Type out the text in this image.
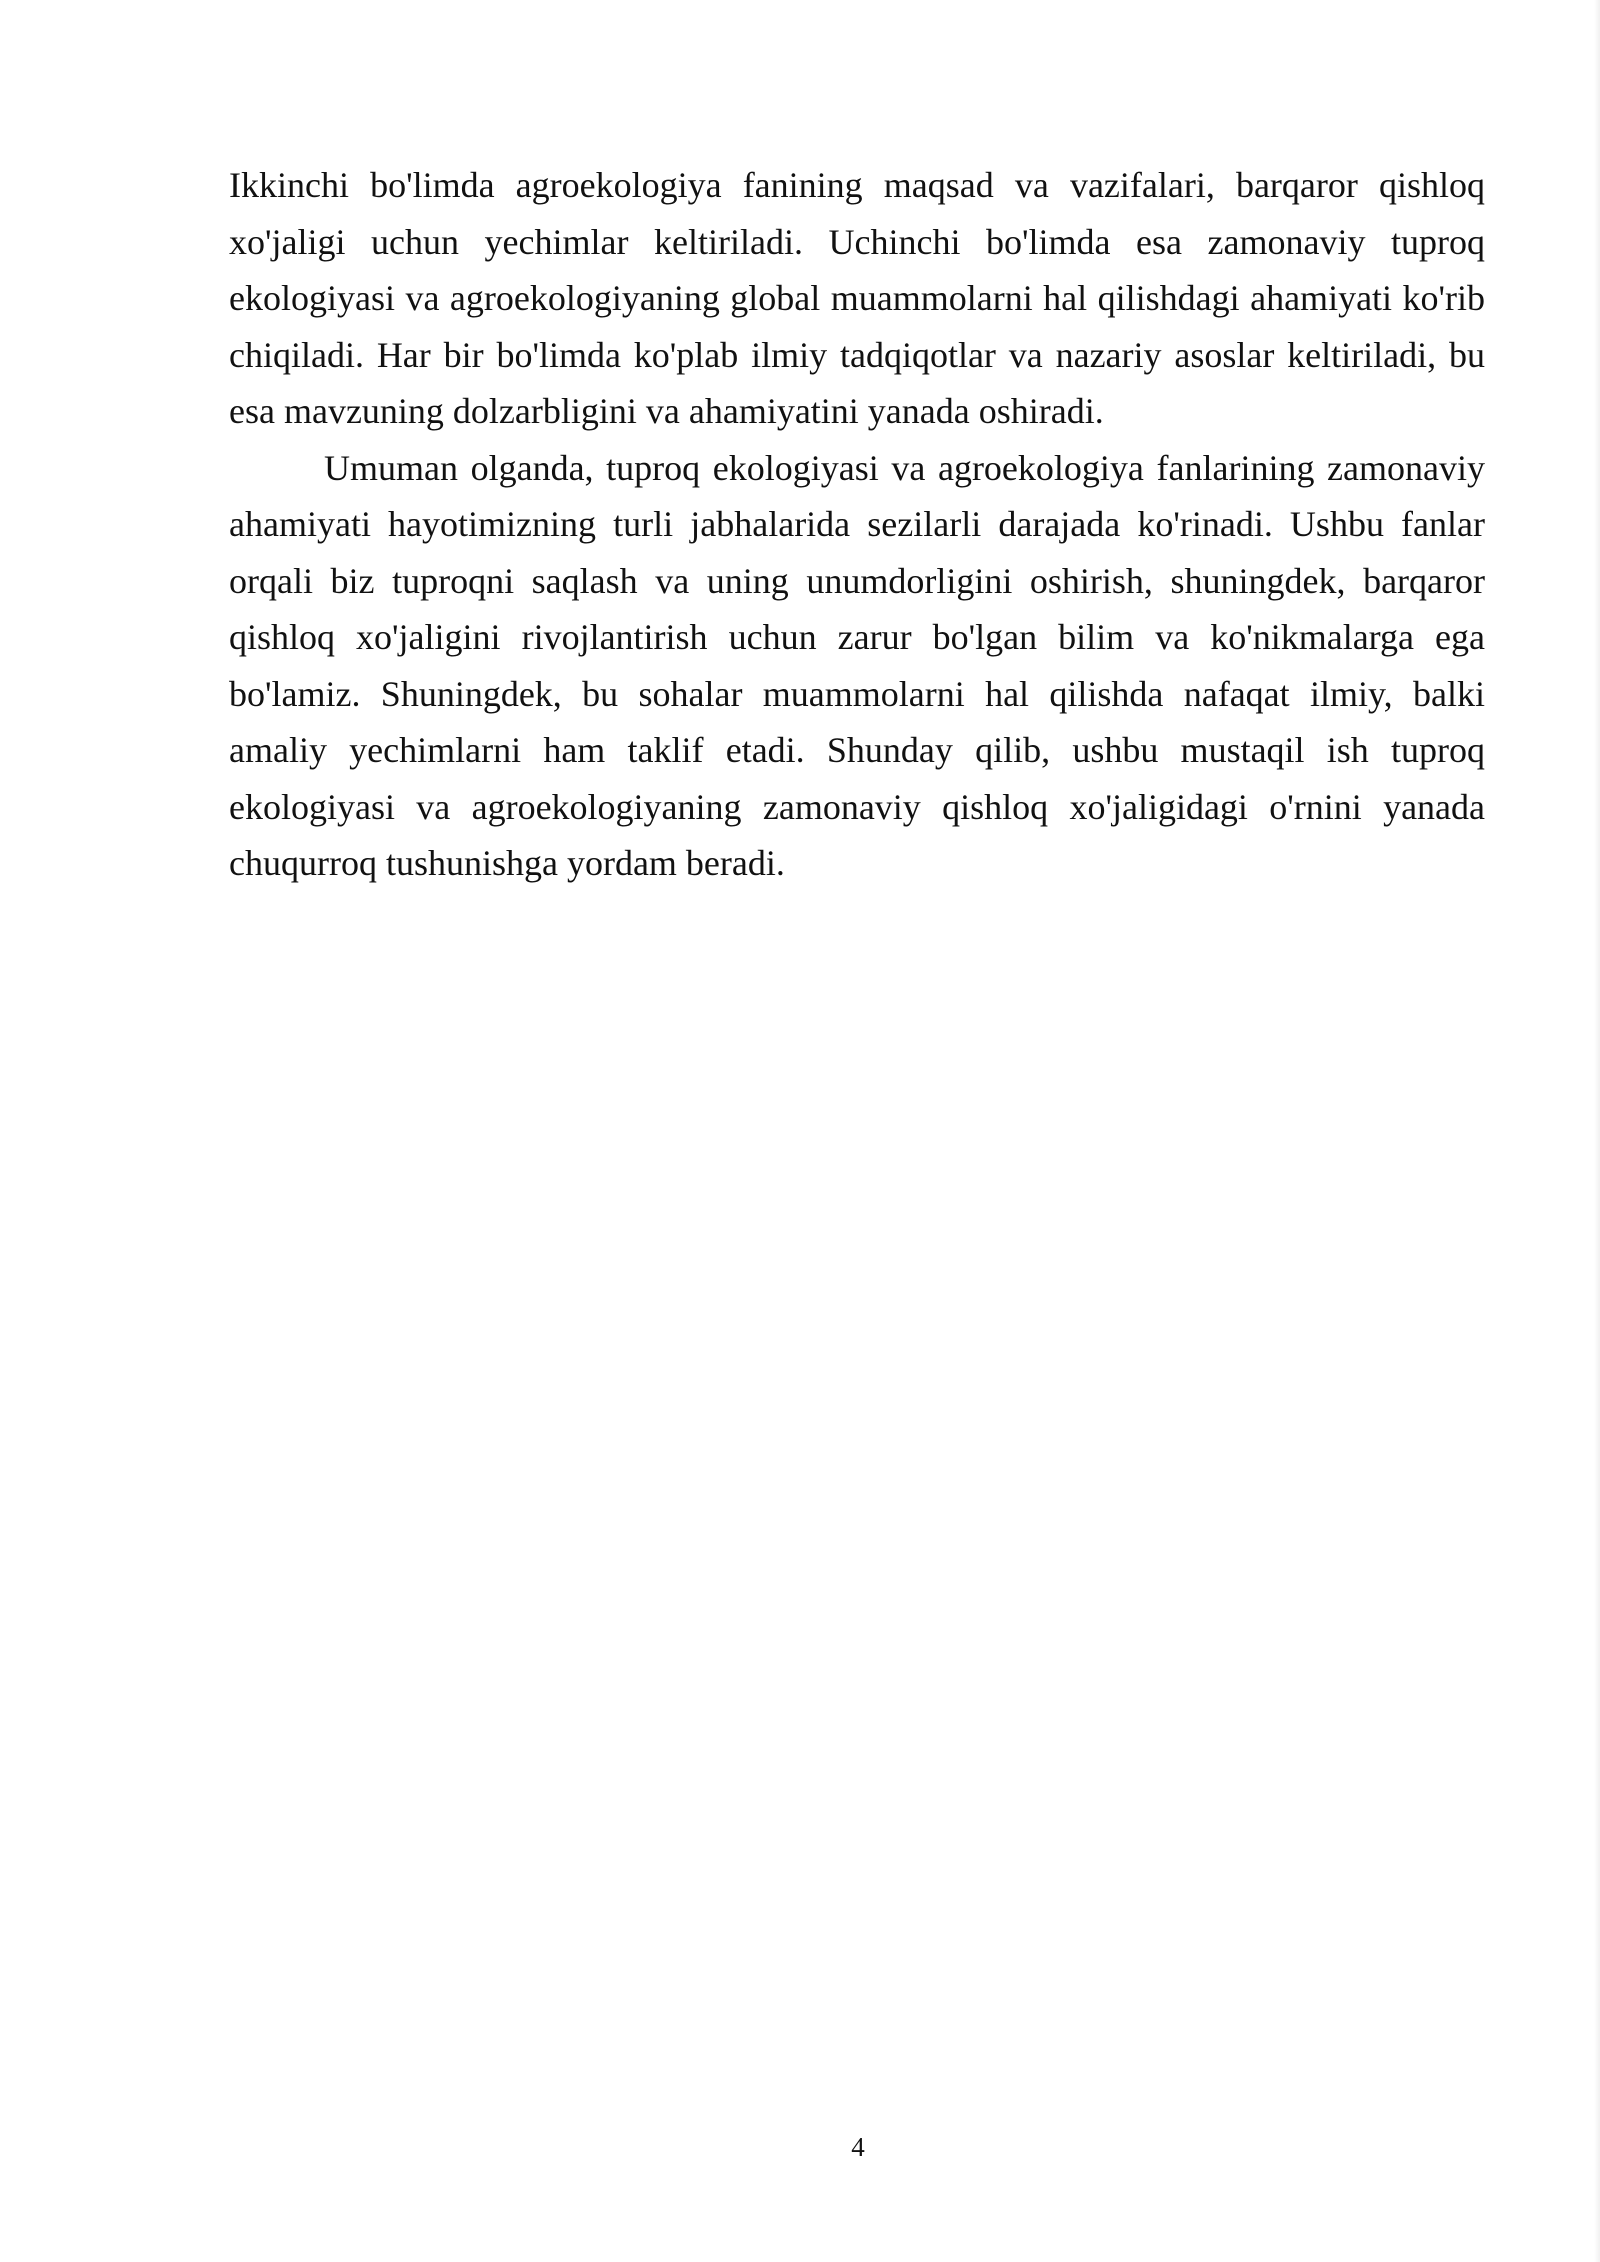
Ikkinchi bo'limda agroekologiya fanining maqsad va vazifalari, barqaror qishloq xo'jaligi uchun yechimlar keltiriladi. Uchinchi bo'limda esa zamonaviy tuproq ekologiyasi va agroekologiyaning global muammolarni hal qilishdagi ahamiyati ko'rib chiqiladi. Har bir bo'limda ko'plab ilmiy tadqiqotlar va nazariy asoslar keltiriladi, bu esa mavzuning dolzarbligini va ahamiyatini yanada oshiradi.

Umuman olganda, tuproq ekologiyasi va agroekologiya fanlarining zamonaviy ahamiyati hayotimizning turli jabhalarida sezilarli darajada ko'rinadi. Ushbu fanlar orqali biz tuproqni saqlash va uning unumdorligini oshirish, shuningdek, barqaror qishloq xo'jaligini rivojlantirish uchun zarur bo'lgan bilim va ko'nikmalarga ega bo'lamiz. Shuningdek, bu sohalar muammolarni hal qilishda nafaqat ilmiy, balki amaliy yechimlarni ham taklif etadi. Shunday qilib, ushbu mustaqil ish tuproq ekologiyasi va agroekologiyaning zamonaviy qishloq xo'jaligidagi o'rnini yanada chuqurroq tushunishga yordam beradi.

4
